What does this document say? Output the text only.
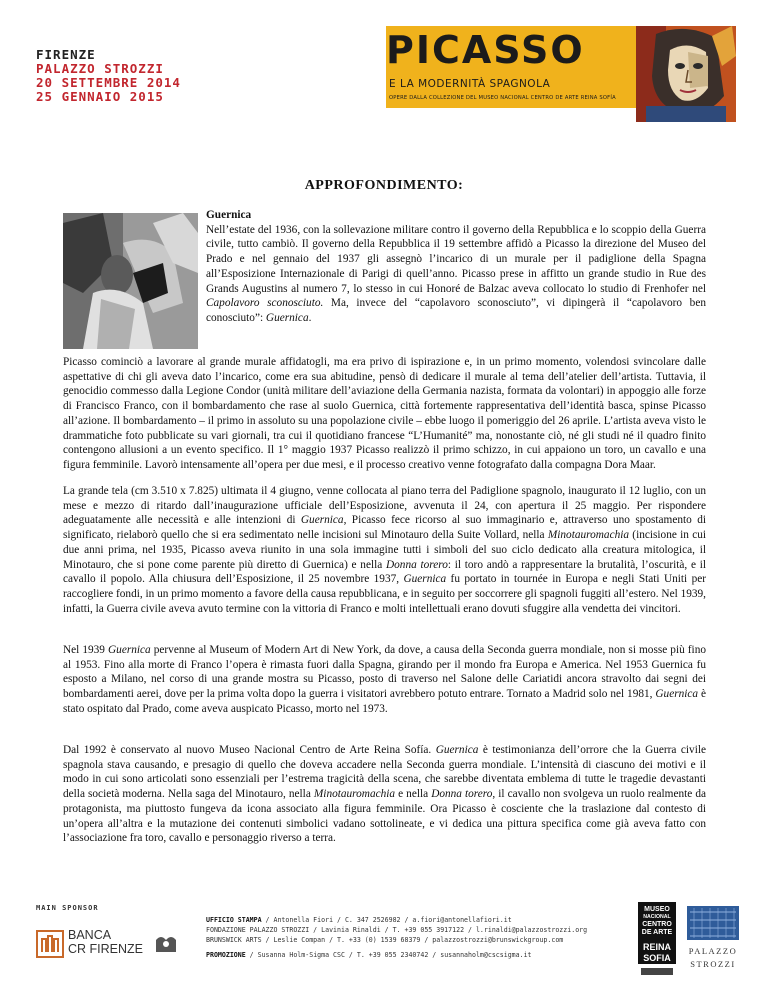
FIRENZE
PALAZZO STROZZI
20 SETTEMBRE 2014
25 GENNAIO 2015
PICASSO
E LA MODERNITÀ SPAGNOLA
OPERE DALLA COLLEZIONE DEL MUSEO NACIONAL CENTRO DE ARTE REINA SOFÍA
APPROFONDIMENTO:

Guernica
Nell’estate del 1936, con la sollevazione militare contro il governo della Repubblica e lo scoppio della Guerra civile, tutto cambiò. Il governo della Repubblica il 19 settembre affidò a Picasso la direzione del Museo del Prado e nel gennaio del 1937 gli assegnò l’incarico di un murale per il padiglione della Spagna all’Esposizione Internazionale di Parigi di quell’anno. Picasso prese in affitto un grande studio in Rue des Grands Augustins al numero 7, lo stesso in cui Honoré de Balzac aveva collocato lo studio di Frenhofer nel Capolavoro sconosciuto. Ma, invece del “capolavoro sconosciuto”, vi dipingerà il “capolavoro ben conosciuto”: Guernica.

Picasso cominciò a lavorare al grande murale affidatogli, ma era privo di ispirazione e, in un primo momento, volendosi svincolare dalle aspettative di chi gli aveva dato l’incarico, come era sua abitudine, pensò di dedicare il murale al tema dell’atelier dell’artista. Tuttavia, il genocidio commesso dalla Legione Condor (unità militare dell’aviazione della Germania nazista, formata da volontari) in appoggio alle forze di Francisco Franco, con il bombardamento che rase al suolo Guernica, città fortemente rappresentativa dell’identità basca, spinse Picasso all’azione. Il bombardamento – il primo in assoluto su una popolazione civile – ebbe luogo il pomeriggio del 26 aprile. L’artista aveva visto le drammatiche foto pubblicate su vari giornali, tra cui il quotidiano francese “L’Humanité” ma, nonostante ciò, né gli studi né il quadro finito contengono allusioni a un evento specifico. Il 1° maggio 1937 Picasso realizzò il primo schizzo, in cui appaiono un toro, un cavallo e una figura femminile. Lavorò intensamente all’opera per due mesi, e il processo creativo venne fotografato dalla compagna Dora Maar.

La grande tela (cm 3.510 x 7.825) ultimata il 4 giugno, venne collocata al piano terra del Padiglione spagnolo, inaugurato il 12 luglio, con un mese e mezzo di ritardo dall’inaugurazione ufficiale dell’Esposizione, avvenuta il 24, con apertura il 25 maggio. Per rispondere adeguatamente alle necessità e alle intenzioni di Guernica, Picasso fece ricorso al suo immaginario e, attraverso uno spostamento di significato, rielaborò quello che si era sedimentato nelle incisioni sul Minotauro della Suite Vollard, nella Minotauromachia (incisione in cui due anni prima, nel 1935, Picasso aveva riunito in una sola immagine tutti i simboli del suo ciclo dedicato alla creatura mitologica, il Minotauro, che si pone come parente più diretto di Guernica) e nella Donna torero: il toro andò a rappresentare la brutalità, l’oscurità, e il cavallo il popolo. Alla chiusura dell’Esposizione, il 25 novembre 1937, Guernica fu portato in tournée in Europa e negli Stati Uniti per raccogliere fondi, in un primo momento a favore della causa repubblicana, e in seguito per soccorrere gli spagnoli fuggiti all’estero. Nel 1939, infatti, la Guerra civile aveva avuto termine con la vittoria di Franco e molti intellettuali erano dovuti sfuggire alla vendetta dei vincitori.

Nel 1939 Guernica pervenne al Museum of Modern Art di New York, da dove, a causa della Seconda guerra mondiale, non si mosse più fino al 1953. Fino alla morte di Franco l’opera è rimasta fuori dalla Spagna, girando per il mondo fra Europa e America. Nel 1953 Guernica fu esposto a Milano, nel corso di una grande mostra su Picasso, posto di traverso nel Salone delle Cariatidi ancora stravolto dai segni dei bombardamenti aerei, dove per la prima volta dopo la guerra i visitatori avrebbero potuto entrare. Tornato a Madrid solo nel 1981, Guernica è stato ospitato dal Prado, come aveva auspicato Picasso, morto nel 1973.

Dal 1992 è conservato al nuovo Museo Nacional Centro de Arte Reina Sofía. Guernica è testimonianza dell’orrore che la Guerra civile spagnola stava causando, e presagio di quello che doveva accadere nella Seconda guerra mondiale. L’intensità di ciascuno dei motivi e il modo in cui sono articolati sono essenziali per l’estrema tragicità della scena, che sarebbe diventata emblema di tutte le tragedie devastanti della società moderna. Nella saga del Minotauro, nella Minotauromachia e nella Donna torero, il cavallo non svolgeva un ruolo realmente da protagonista, ma piuttosto fungeva da icona associato alla figura femminile. Ora Picasso è cosciente che la traslazione dal contesto di un’opera all’altra e la mutazione dei contenuti simbolici vadano sottolineate, e vi dedica una pittura specifica come già aveva fatto con l’associazione fra toro, cavallo e personaggio riverso a terra.

MAIN SPONSOR
BANCA
CR FIRENZE
UFFICIO STAMPA / Antonella Fiori / C. 347 2526982 / a.fiori@antonellafiori.it
FONDAZIONE PALAZZO STROZZI / Lavinia Rinaldi / T. +39 055 3917122 / l.rinaldi@palazzostrozzi.org
BRUNSWICK ARTS / Leslie Compan / T. +33 (0) 1539 68379 / palazzostrozzi@brunswickgroup.com
PROMOZIONE / Susanna Holm-Sigma CSC / T. +39 055 2340742 / susannaholm@cscsigma.it
MUSEO
NACIONAL
CENTRO
DE ARTE
REINA
SOFIA
PALAZZO
STROZZI
